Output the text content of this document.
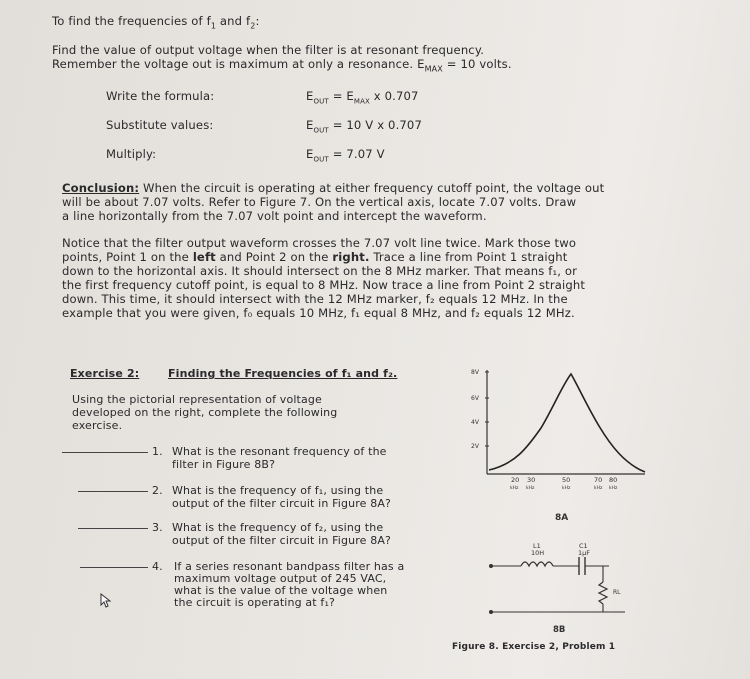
To find the frequencies of $f_1$ and $f_2$:
Find the value of output voltage when the filter is at resonant frequency.
Remember the voltage out is maximum at only a resonance. $E_{MAX} = 10$ volts.
Write the formula:	$E_{OUT} = E_{MAX}$ x 0.707
Substitute values:	$E_{OUT} = 10$ V x 0.707
Multiply:	$E_{OUT} = 7.07$ V
Conclusion: When the circuit is operating at either frequency cutoff point, the voltage out
will be about 7.07 volts. Refer to Figure 7. On the vertical axis, locate 7.07 volts. Draw
a line horizontally from the 7.07 volt point and intercept the waveform.
Notice that the filter output waveform crosses the 7.07 volt line twice. Mark those two
points, Point 1 on the left and Point 2 on the right. Trace a line from Point 1 straight
down to the horizontal axis. It should intersect on the 8 MHz marker. That means f₁, or
the first frequency cutoff point, is equal to 8 MHz. Now trace a line from Point 2 straight
down. This time, it should intersect with the 12 MHz marker, f₂ equals 12 MHz. In the
example that you were given, f₀ equals 10 MHz, f₁ equal 8 MHz, and f₂ equals 12 MHz.
Exercise 2:	Finding the Frequencies of f₁ and f₂.
Using the pictorial representation of voltage
developed on the right, complete the following
exercise.
1. What is the resonant frequency of the
filter in Figure 8B?
2. What is the frequency of f₁, using the
output of the filter circuit in Figure 8A?
3. What is the frequency of f₂, using the
output of the filter circuit in Figure 8A?
4. If a series resonant bandpass filter has a
maximum voltage output of 245 VAC,
what is the value of the voltage when
the circuit is operating at f₁?
8V
6V
4V
2V
20 30	50	70 80
kHz kHz	kHz	kHz kHz
8A
L1
10H
C1
1µF
RL
8B
Figure 8. Exercise 2, Problem 1
